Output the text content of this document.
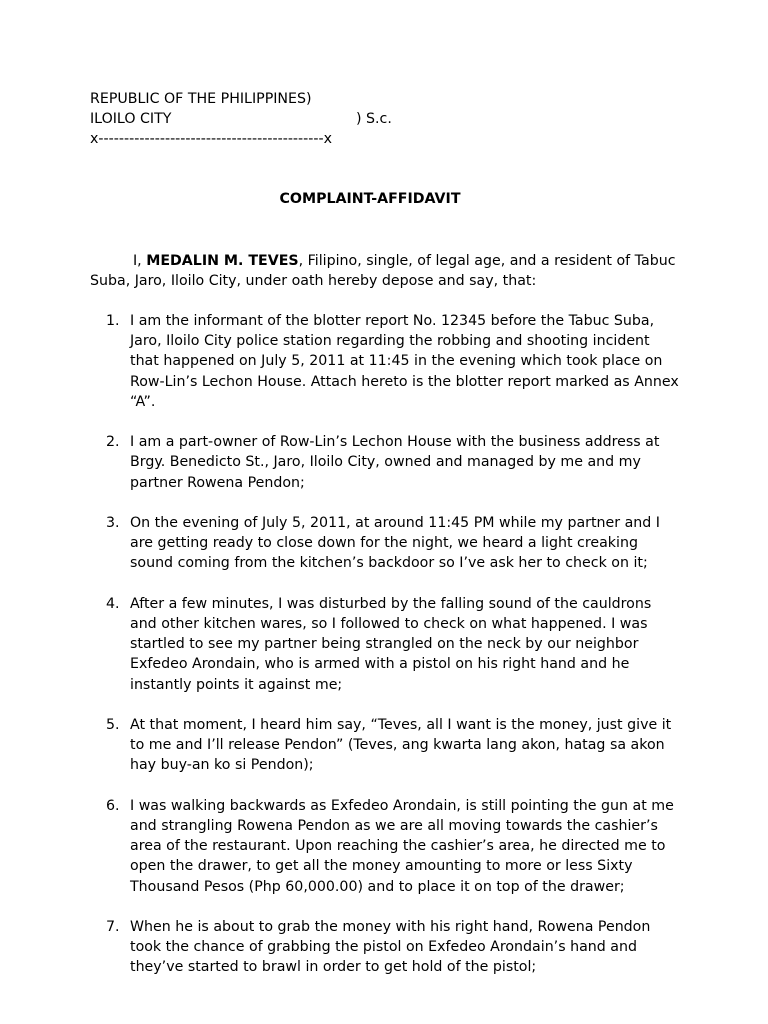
REPUBLIC OF THE PHILIPPINES)
ILOILO CITY	) S.c.
x--------------------------------------------x
COMPLAINT-AFFIDAVIT
I, MEDALIN M. TEVES, Filipino, single, of legal age, and a resident of Tabuc Suba, Jaro, Iloilo City, under oath hereby depose and say, that:
1. I am the informant of the blotter report No. 12345 before the Tabuc Suba, Jaro, Iloilo City police station regarding the robbing and shooting incident that happened on July 5, 2011 at 11:45 in the evening which took place on Row-Lin’s Lechon House. Attach hereto is the blotter report marked as Annex “A”.
2. I am a part-owner of Row-Lin’s Lechon House with the business address at Brgy. Benedicto St., Jaro, Iloilo City, owned and managed by me and my partner Rowena Pendon;
3. On the evening of July 5, 2011, at around 11:45 PM while my partner and I are getting ready to close down for the night, we heard a light creaking sound coming from the kitchen’s backdoor so I’ve ask her to check on it;
4. After a few minutes, I was disturbed by the falling sound of the cauldrons and other kitchen wares, so I followed to check on what happened. I was startled to see my partner being strangled on the neck by our neighbor Exfedeo Arondain, who is armed with a pistol on his right hand and he instantly points it against me;
5. At that moment, I heard him say, “Teves, all I want is the money, just give it to me and I’ll release Pendon” (Teves, ang kwarta lang akon, hatag sa akon hay buy-an ko si Pendon);
6. I was walking backwards as Exfedeo Arondain, is still pointing the gun at me and strangling Rowena Pendon as we are all moving towards the cashier’s area of the restaurant. Upon reaching the cashier’s area, he directed me to open the drawer, to get all the money amounting to more or less Sixty Thousand Pesos (Php 60,000.00) and to place it on top of the drawer;
7. When he is about to grab the money with his right hand, Rowena Pendon took the chance of grabbing the pistol on Exfedeo Arondain’s hand and they’ve started to brawl in order to get hold of the pistol;
